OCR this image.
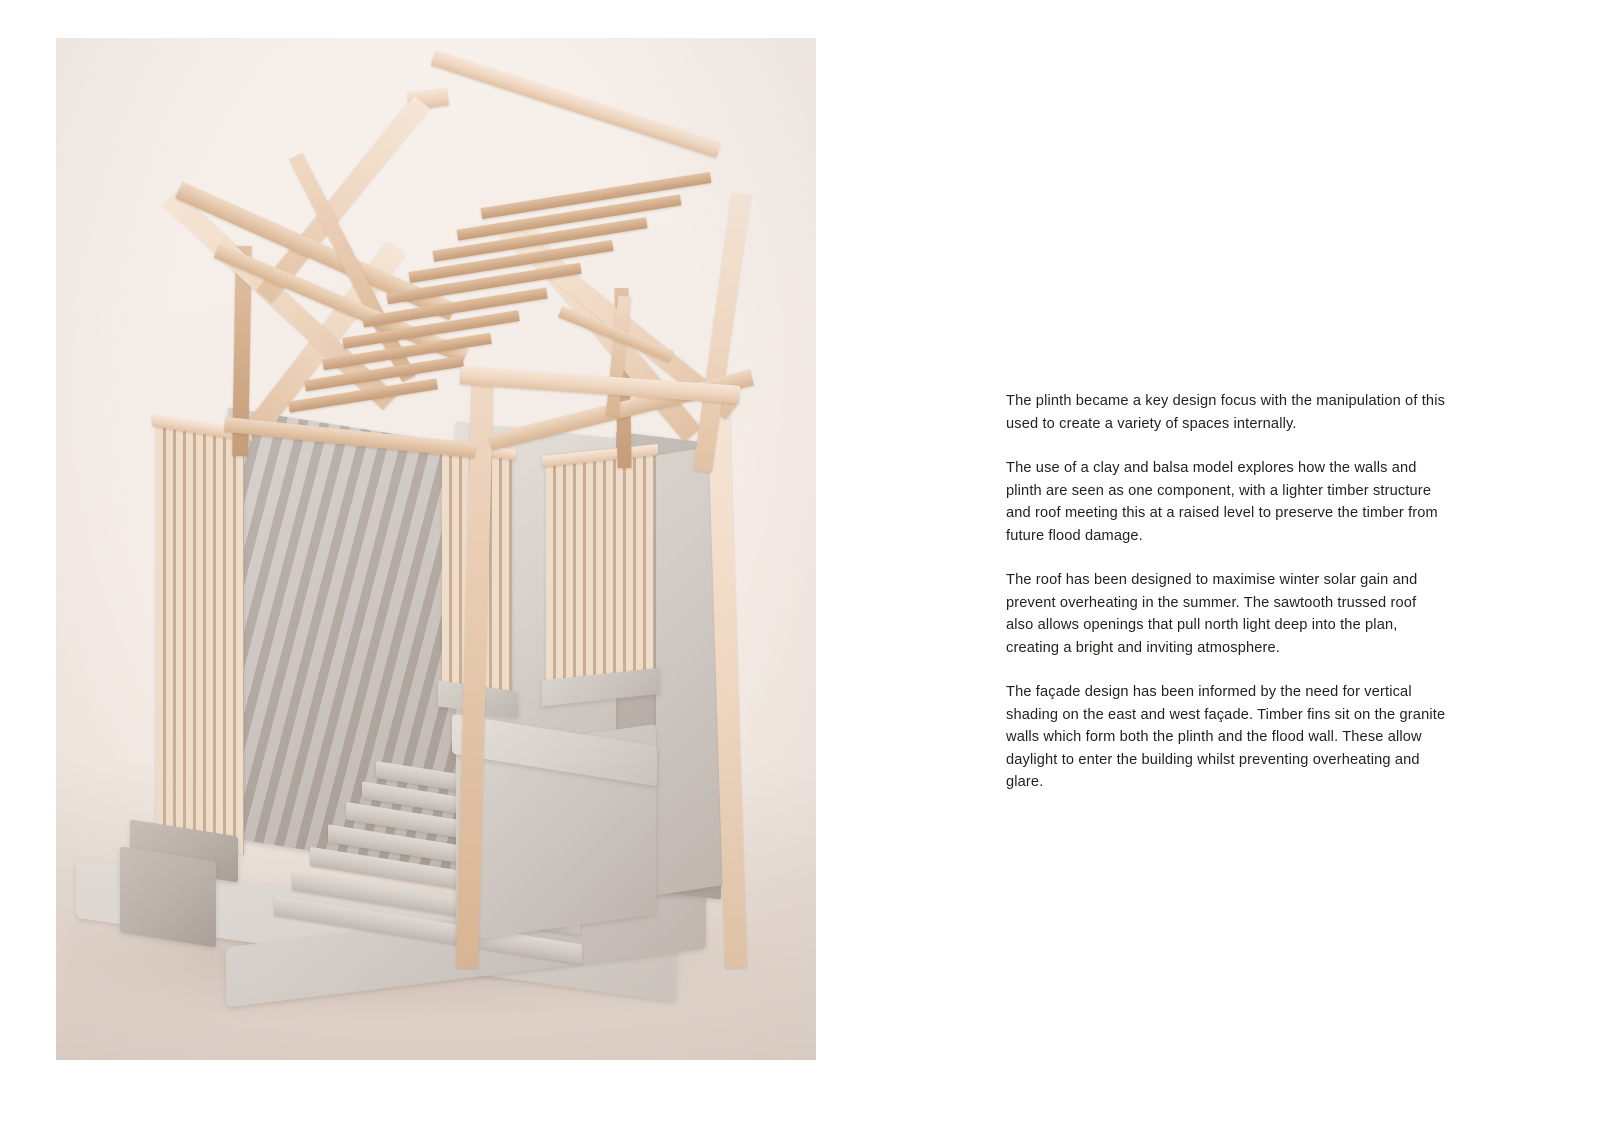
The plinth became a key design focus with the manipulation of this used to create a variety of spaces internally.

The use of a clay and balsa model explores how the walls and plinth are seen as one component, with a lighter timber structure and roof meeting this at a raised level to preserve the timber from future flood damage.

The roof has been designed to maximise winter solar gain and prevent overheating in the summer. The sawtooth trussed roof also allows openings that pull north light deep into the plan, creating a bright and inviting atmosphere.

The façade design has been informed by the need for vertical shading on the east and west façade. Timber fins sit on the granite walls which form both the plinth and the flood wall. These allow daylight to enter the building whilst preventing overheating and glare.
